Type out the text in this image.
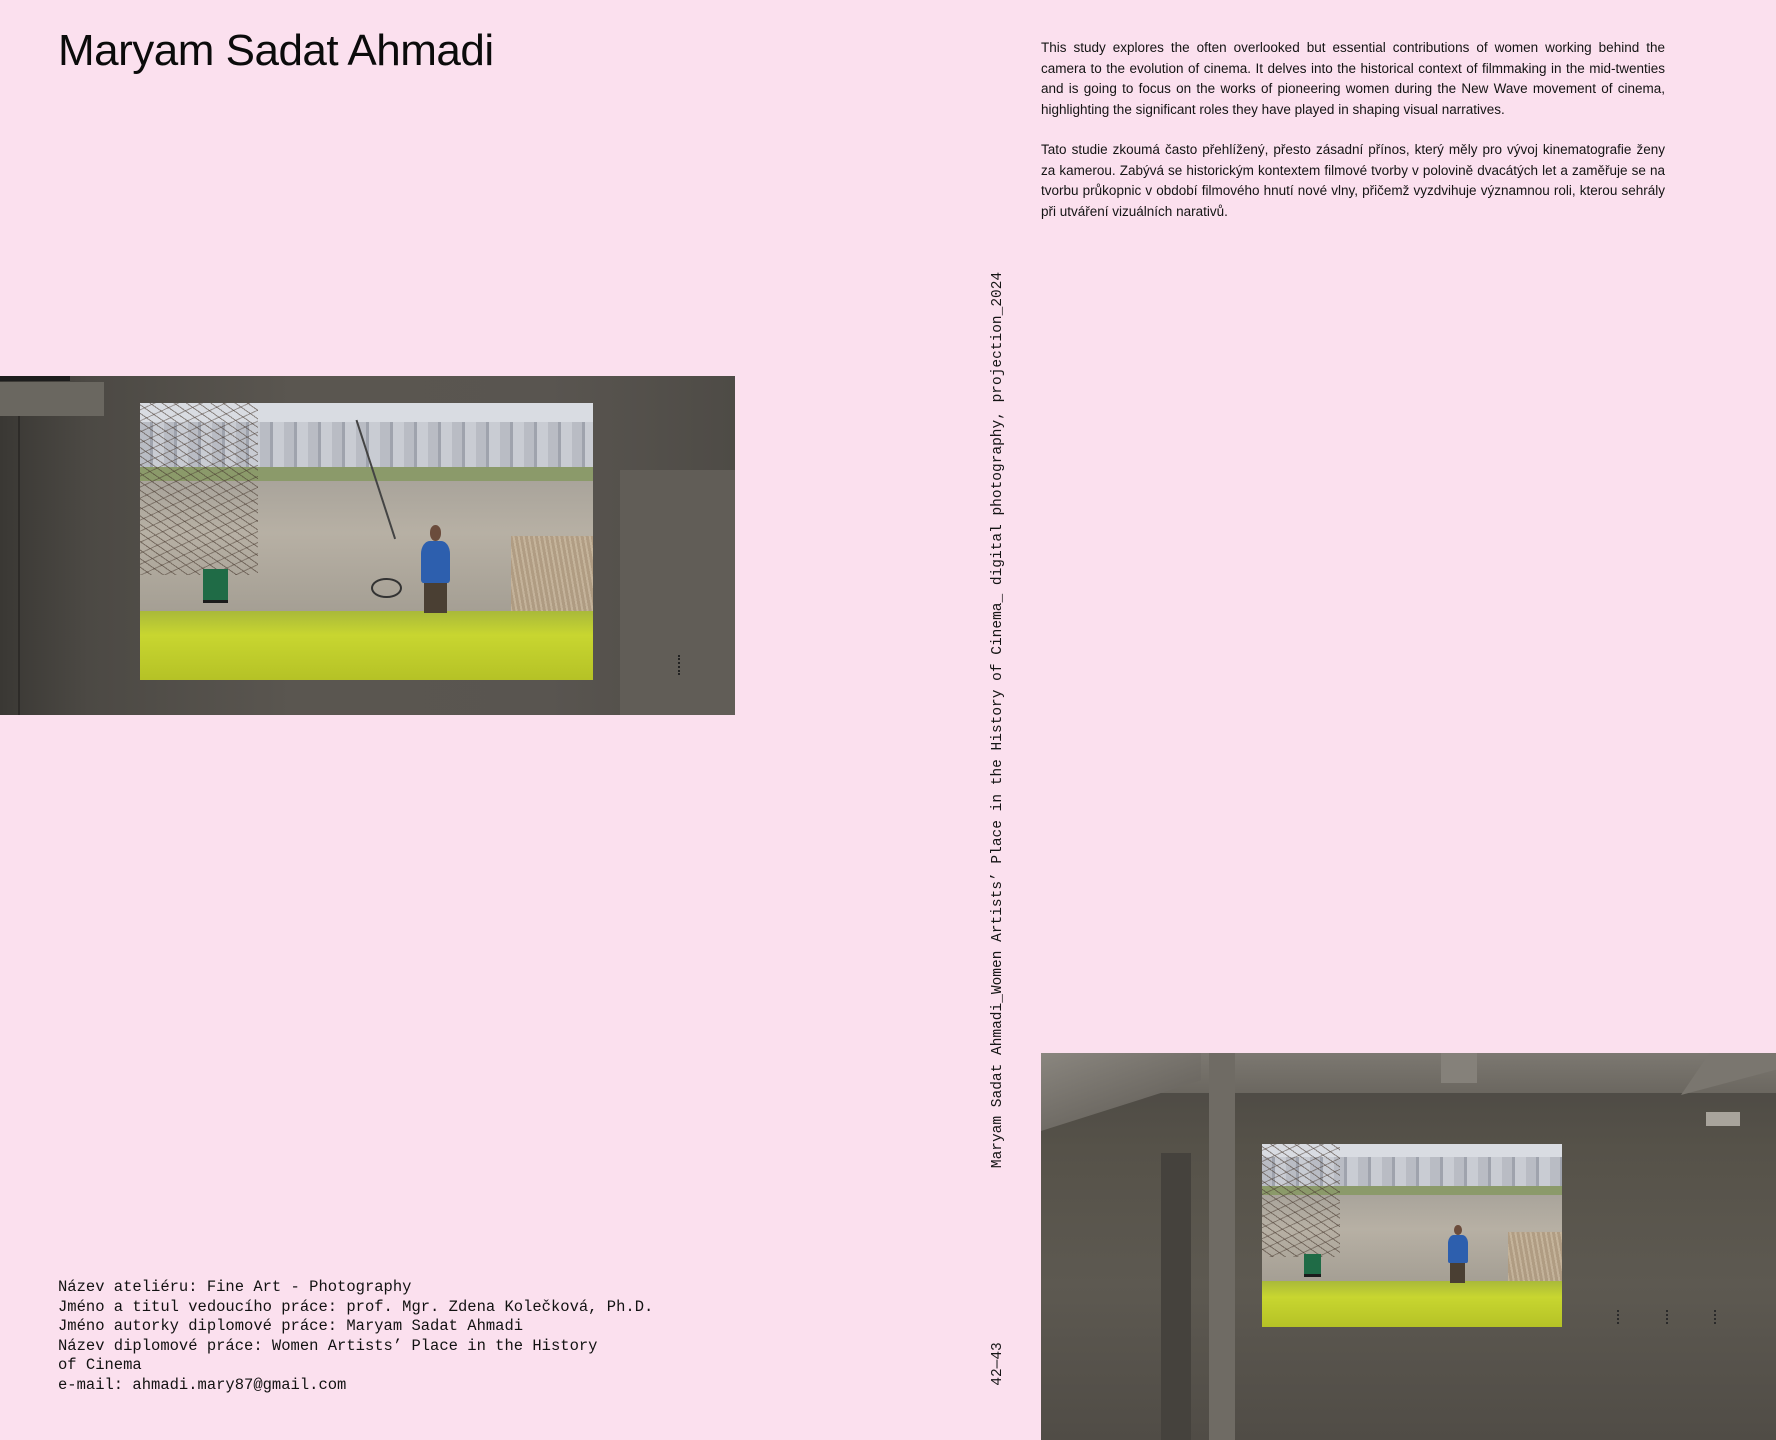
Maryam Sadat Ahmadi
Název ateliéru: Fine Art - Photography
Jméno a titul vedoucího práce: prof. Mgr. Zdena Kolečková, Ph.D.
Jméno autorky diplomové práce: Maryam Sadat Ahmadi
Název diplomové práce: Women Artists’ Place in the History
of Cinema
e-mail: ahmadi.mary87@gmail.com
Maryam Sadat Ahmadi_Women Artists’ Place in the History of Cinema_ digital photography, projection_2024
42—43

This study explores the often overlooked but essential contributions of women working behind the camera to the evolution of cinema. It delves into the historical context of filmmaking in the mid-twenties and is going to focus on the works of pioneering women during the New Wave movement of cinema, highlighting the significant roles they have played in shaping visual narratives.

Tato studie zkoumá často přehlížený, přesto zásadní přínos, který měly pro vývoj kinematografie ženy za kamerou. Zabývá se historickým kontextem filmové tvorby v polovině dvacátých let a zaměřuje se na tvorbu průkopnic v období filmového hnutí nové vlny, přičemž vyzdvihuje významnou roli, kterou sehrály při utváření vizuálních narativů.
